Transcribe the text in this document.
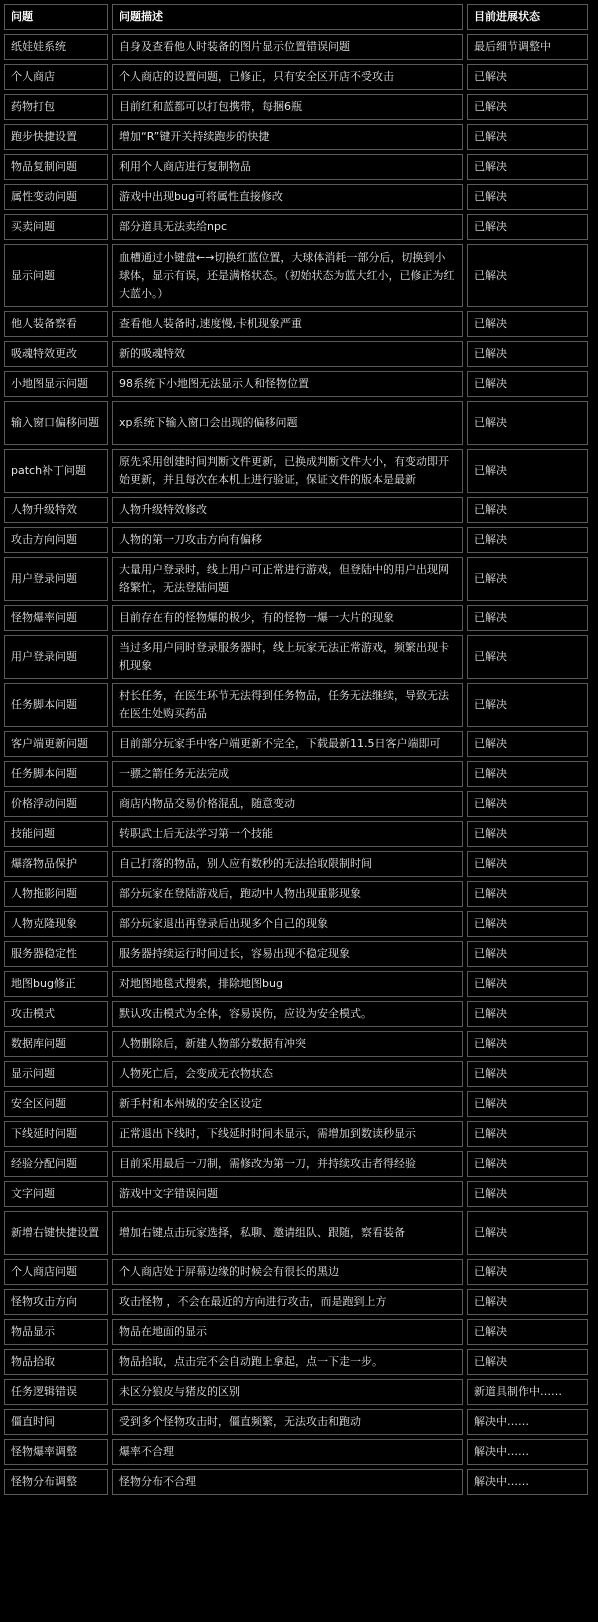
问题	问题描述	目前进展状态
纸娃娃系统	自身及查看他人时装备的图片显示位置错误问题	最后细节调整中
个人商店	个人商店的设置问题，已修正，只有安全区开店不受攻击	已解决
药物打包	目前红和蓝都可以打包携带，每捆6瓶	已解决
跑步快捷设置	增加“R”键开关持续跑步的快捷	已解决
物品复制问题	利用个人商店进行复制物品	已解决
属性变动问题	游戏中出现bug可将属性直接修改	已解决
买卖问题	部分道具无法卖给npc	已解决
显示问题	血槽通过小键盘←→切换红蓝位置，大球体消耗一部分后，切换到小球体，显示有误，还是满格状态。（初始状态为蓝大红小，已修正为红大蓝小。）	已解决
他人装备察看	查看他人装备时,速度慢,卡机现象严重	已解决
吸魂特效更改	新的吸魂特效	已解决
小地图显示问题	98系统下小地图无法显示人和怪物位置	已解决
输入窗口偏移问题	xp系统下输入窗口会出现的偏移问题	已解决
patch补丁问题	原先采用创建时间判断文件更新，已换成判断文件大小，有变动即开始更新，并且每次在本机上进行验证，保证文件的版本是最新	已解决
人物升级特效	人物升级特效修改	已解决
攻击方向问题	人物的第一刀攻击方向有偏移	已解决
用户登录问题	大量用户登录时，线上用户可正常进行游戏，但登陆中的用户出现网络繁忙，无法登陆问题	已解决
怪物爆率问题	目前存在有的怪物爆的极少，有的怪物一爆一大片的现象	已解决
用户登录问题	当过多用户同时登录服务器时，线上玩家无法正常游戏，频繁出现卡机现象	已解决
任务脚本问题	村长任务，在医生环节无法得到任务物品，任务无法继续，导致无法在医生处购买药品	已解决
客户端更新问题	目前部分玩家手中客户端更新不完全，下载最新11.5日客户端即可	已解决
任务脚本问题	一骠之箭任务无法完成	已解决
价格浮动问题	商店内物品交易价格混乱，随意变动	已解决
技能问题	转职武士后无法学习第一个技能	已解决
爆落物品保护	自己打落的物品，别人应有数秒的无法拾取限制时间	已解决
人物拖影问题	部分玩家在登陆游戏后，跑动中人物出现重影现象	已解决
人物克隆现象	部分玩家退出再登录后出现多个自己的现象	已解决
服务器稳定性	服务器持续运行时间过长，容易出现不稳定现象	已解决
地图bug修正	对地图地毯式搜索，排除地图bug	已解决
攻击模式	默认攻击模式为全体，容易误伤，应设为安全模式。	已解决
数据库问题	人物删除后，新建人物部分数据有冲突	已解决
显示问题	人物死亡后，会变成无衣物状态	已解决
安全区问题	新手村和本州城的安全区设定	已解决
下线延时问题	正常退出下线时，下线延时时间未显示，需增加到数读秒显示	已解决
经验分配问题	目前采用最后一刀制，需修改为第一刀，并持续攻击者得经验	已解决
文字问题	游戏中文字错误问题	已解决
新增右键快捷设置	增加右键点击玩家选择，私聊、邀请组队、跟随，察看装备	已解决
个人商店问题	个人商店处于屏幕边缘的时候会有很长的黑边	已解决
怪物攻击方向	攻击怪物 ，不会在最近的方向进行攻击，而是跑到上方	已解决
物品显示	物品在地面的显示	已解决
物品拾取	物品拾取，点击完不会自动跑上拿起，点一下走一步。	已解决
任务逻辑错误	未区分狼皮与猪皮的区别	新道具制作中……
僵直时间	受到多个怪物攻击时，僵直频繁，无法攻击和跑动	解决中……
怪物爆率调整	爆率不合理	解决中……
怪物分布调整	怪物分布不合理	解决中……
